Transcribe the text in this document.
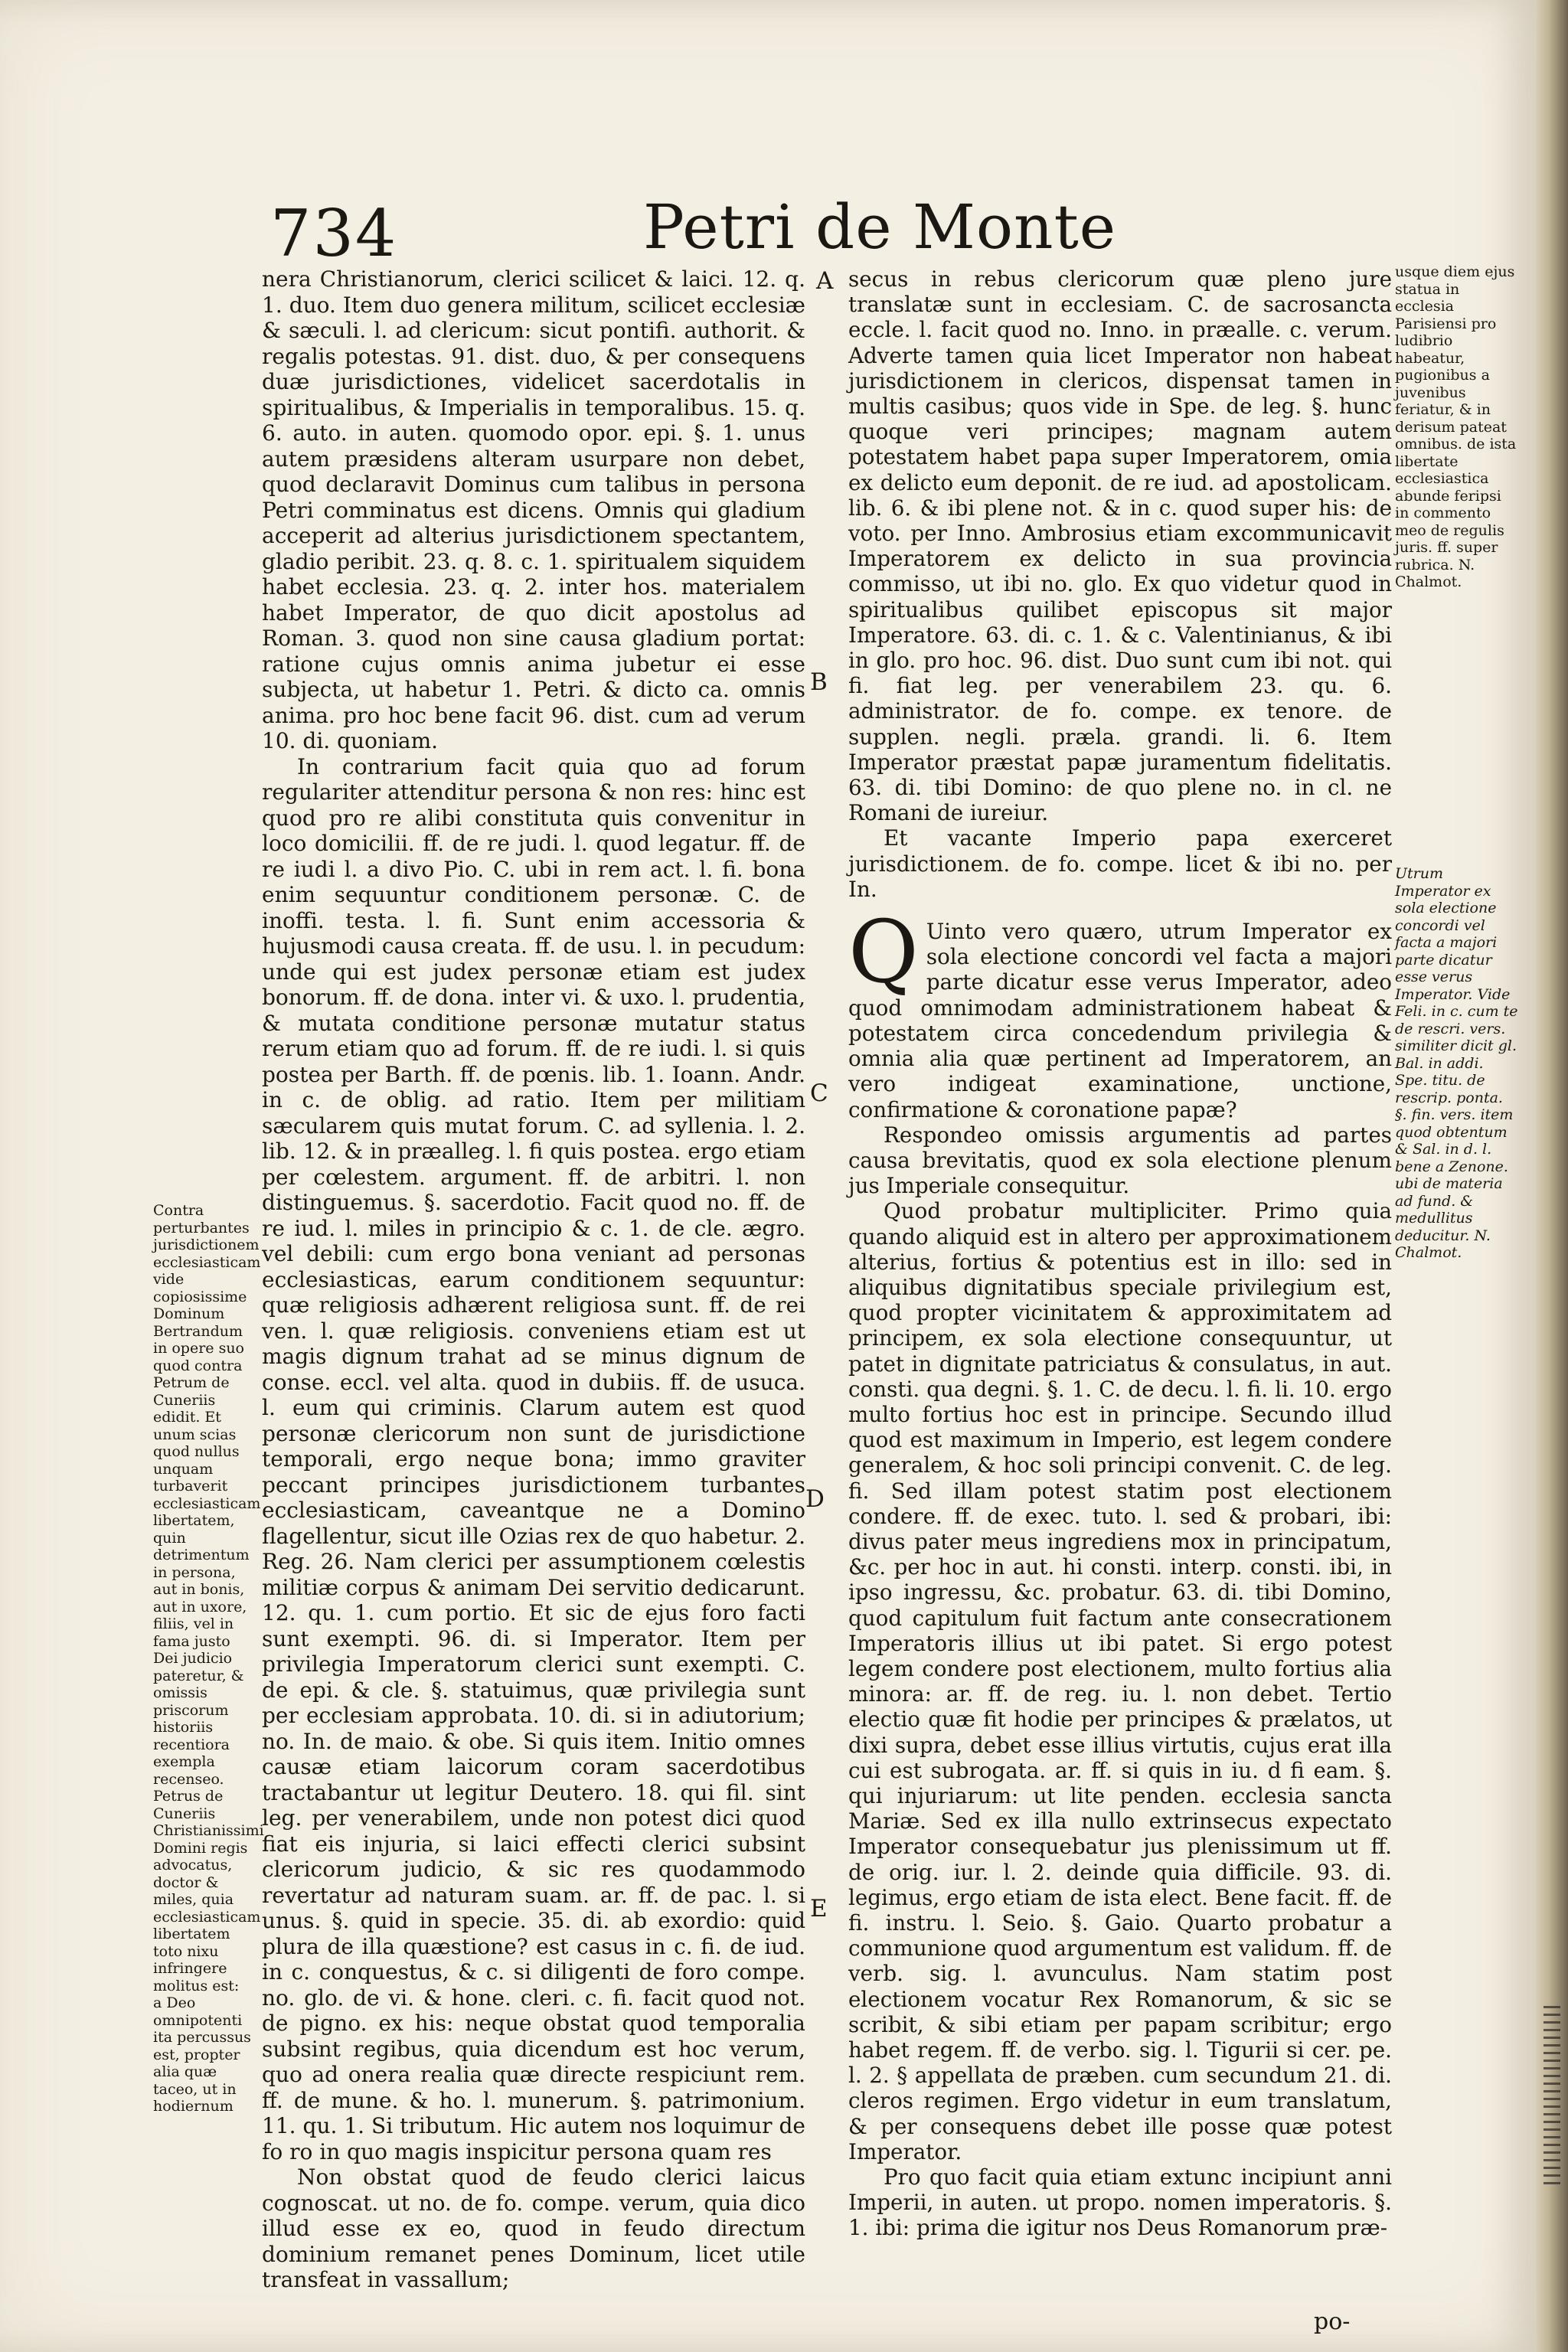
734	Petri de Monte

nera Christianorum, clerici scilicet & laici. 12. q. 1. duo. Item duo genera militum, scilicet ecclesiæ & sæculi. l. ad clericum: sicut pontifi. authorit. & regalis potestas. 91. dist. duo, & per consequens duæ jurisdictiones, videlicet sacerdotalis in spiritualibus, & Imperialis in temporalibus. 15. q. 6. auto. in auten. quomodo opor. epi. §. 1. unus autem præsidens alteram usurpare non debet, quod declaravit Dominus cum talibus in persona Petri comminatus est dicens. Omnis qui gladium acceperit ad alterius jurisdictionem spectantem, gladio peribit. 23. q. 8. c. 1. spiritualem siquidem habet ecclesia. 23. q. 2. inter hos. materialem habet Imperator, de quo dicit apostolus ad Roman. 3. quod non sine causa gladium portat: ratione cujus omnis anima jubetur ei esse subjecta, ut habetur 1. Petri. & dicto ca. omnis anima. pro hoc bene facit 96. dist. cum ad verum 10. di. quoniam.

In contrarium facit quia quo ad forum regulariter attenditur persona & non res: hinc est quod pro re alibi constituta quis convenitur in loco domicilii. ff. de re judi. l. quod legatur. ff. de re iudi l. a divo Pio. C. ubi in rem act. l. fi. bona enim sequuntur conditionem personæ. C. de inoffi. testa. l. fi. Sunt enim accessoria & hujusmodi causa creata. ff. de usu. l. in pecudum: unde qui est judex personæ etiam est judex bonorum. ff. de dona. inter vi. & uxo. l. prudentia, & mutata conditione personæ mutatur status rerum etiam quo ad forum. ff. de re iudi. l. si quis postea per Barth. ff. de pœnis. lib. 1. Ioann. Andr. in c. de oblig. ad ratio. Item per militiam sæcularem quis mutat forum. C. ad syllenia. l. 2. lib. 12. & in præalleg. l. fi quis postea. ergo etiam per cœlestem. argument. ff. de arbitri. l. non distinguemus. §. sacerdotio. Facit quod no. ff. de re iud. l. miles in principio & c. 1. de cle. ægro. vel debili: cum ergo bona veniant ad personas ecclesiasticas, earum conditionem sequuntur: quæ religiosis adhærent religiosa sunt. ff. de rei ven. l. quæ religiosis. conveniens etiam est ut magis dignum trahat ad se minus dignum de conse. eccl. vel alta. quod in dubiis. ff. de usuca. l. eum qui criminis. Clarum autem est quod personæ clericorum non sunt de jurisdictione temporali, ergo neque bona; immo graviter peccant principes jurisdictionem turbantes ecclesiasticam, caveantque ne a Domino flagellentur, sicut ille Ozias rex de quo habetur. 2. Reg. 26. Nam clerici per assumptionem cœlestis militiæ corpus & animam Dei servitio dedicarunt. 12. qu. 1. cum portio. Et sic de ejus foro facti sunt exempti. 96. di. si Imperator. Item per privilegia Imperatorum clerici sunt exempti. C. de epi. & cle. §. statuimus, quæ privilegia sunt per ecclesiam approbata. 10. di. si in adiutorium; no. In. de maio. & obe. Si quis item. Initio omnes causæ etiam laicorum coram sacerdotibus tractabantur ut legitur Deutero. 18. qui fil. sint leg. per venerabilem, unde non potest dici quod fiat eis injuria, si laici effecti clerici subsint clericorum judicio, & sic res quodammodo revertatur ad naturam suam. ar. ff. de pac. l. si unus. §. quid in specie. 35. di. ab exordio: quid plura de illa quæstione? est casus in c. fi. de iud. in c. conquestus, & c. si diligenti de foro compe. no. glo. de vi. & hone. cleri. c. fi. facit quod not. de pigno. ex his: neque obstat quod temporalia subsint regibus, quia dicendum est hoc verum, quo ad onera realia quæ directe respiciunt rem. ff. de mune. & ho. l. munerum. §. patrimonium. 11. qu. 1. Si tributum. Hic autem nos loquimur de fo ro in quo magis inspicitur persona quam res

Non obstat quod de feudo clerici laicus cognoscat. ut no. de fo. compe. verum, quia dico illud esse ex eo, quod in feudo directum dominium remanet penes Dominum, licet utile transfeat in vassallum;

secus in rebus clericorum quæ pleno jure translatæ sunt in ecclesiam. C. de sacrosancta eccle. l. facit quod no. Inno. in præalle. c. verum. Adverte tamen quia licet Imperator non habeat jurisdictionem in clericos, dispensat tamen in multis casibus; quos vide in Spe. de leg. §. hunc quoque veri principes; magnam autem potestatem habet papa super Imperatorem, omia ex delicto eum deponit. de re iud. ad apostolicam. lib. 6. & ibi plene not. & in c. quod super his: de voto. per Inno. Ambrosius etiam excommunicavit Imperatorem ex delicto in sua provincia commisso, ut ibi no. glo. Ex quo videtur quod in spiritualibus quilibet episcopus sit major Imperatore. 63. di. c. 1. & c. Valentinianus, & ibi in glo. pro hoc. 96. dist. Duo sunt cum ibi not. qui fi. fiat leg. per venerabilem 23. qu. 6. administrator. de fo. compe. ex tenore. de supplen. negli. præla. grandi. li. 6. Item Imperator præstat papæ juramentum fidelitatis. 63. di. tibi Domino: de quo plene no. in cl. ne Romani de iureiur.

Et vacante Imperio papa exerceret jurisdictionem. de fo. compe. licet & ibi no. per In.

Q Uinto vero quæro, utrum Imperator ex sola electione concordi vel facta a majori parte dicatur esse verus Imperator, adeo quod omnimodam administrationem habeat & potestatem circa concedendum privilegia & omnia alia quæ pertinent ad Imperatorem, an vero indigeat examinatione, unctione, confirmatione & coronatione papæ?

Respondeo omissis argumentis ad partes causa brevitatis, quod ex sola electione plenum jus Imperiale consequitur.

Quod probatur multipliciter. Primo quia quando aliquid est in altero per approximationem alterius, fortius & potentius est in illo: sed in aliquibus dignitatibus speciale privilegium est, quod propter vicinitatem & approximitatem ad principem, ex sola electione consequuntur, ut patet in dignitate patriciatus & consulatus, in aut. consti. qua degni. §. 1. C. de decu. l. fi. li. 10. ergo multo fortius hoc est in principe. Secundo illud quod est maximum in Imperio, est legem condere generalem, & hoc soli principi convenit. C. de leg. fi. Sed illam potest statim post electionem condere. ff. de exec. tuto. l. sed & probari, ibi: divus pater meus ingrediens mox in principatum, &c. per hoc in aut. hi consti. interp. consti. ibi, in ipso ingressu, &c. probatur. 63. di. tibi Domino, quod capitulum fuit factum ante consecrationem Imperatoris illius ut ibi patet. Si ergo potest legem condere post electionem, multo fortius alia minora: ar. ff. de reg. iu. l. non debet. Tertio electio quæ fit hodie per principes & prælatos, ut dixi supra, debet esse illius virtutis, cujus erat illa cui est subrogata. ar. ff. si quis in iu. d fi eam. §. qui injuriarum: ut lite penden. ecclesia sancta Mariæ. Sed ex illa nullo extrinsecus expectato Imperator consequebatur jus plenissimum ut ff. de orig. iur. l. 2. deinde quia difficile. 93. di. legimus, ergo etiam de ista elect. Bene facit. ff. de fi. instru. l. Seio. §. Gaio. Quarto probatur a communione quod argumentum est validum. ff. de verb. sig. l. avunculus. Nam statim post electionem vocatur Rex Romanorum, & sic se scribit, & sibi etiam per papam scribitur; ergo habet regem. ff. de verbo. sig. l. Tigurii si cer. pe. l. 2. § appellata de præben. cum secundum 21. di. cleros regimen. Ergo videtur in eum translatum, & per consequens debet ille posse quæ potest Imperator.

Pro quo facit quia etiam extunc incipiunt anni Imperii, in auten. ut propo. nomen imperatoris. §. 1. ibi: prima die igitur nos Deus Romanorum præ-

A
B
C
D
E
Contra perturbantes jurisdictionem ecclesiasticam vide copiosissime Dominum Bertrandum in opere suo quod contra Petrum de Cuneriis edidit. Et unum scias quod nullus unquam turbaverit ecclesiasticam libertatem, quin detrimentum in persona, aut in bonis, aut in uxore, filiis, vel in fama justo Dei judicio pateretur, & omissis priscorum historiis recentiora exempla recenseo. Petrus de Cuneriis Christianissimi Domini regis advocatus, doctor & miles, quia ecclesiasticam libertatem toto nixu infringere molitus est: a Deo omnipotenti ita percussus est, propter alia quæ taceo, ut in hodiernum
usque diem ejus statua in ecclesia Parisiensi pro ludibrio habeatur, pugionibus a juvenibus feriatur, & in derisum pateat omnibus. de ista libertate ecclesiastica abunde feripsi in commento meo de regulis juris. ff. super rubrica. N. Chalmot.
Utrum Imperator ex sola electione concordi vel facta a majori parte dicatur esse verus Imperator. Vide Feli. in c. cum te de rescri. vers. similiter dicit gl. Bal. in addi. Spe. titu. de rescrip. ponta. §. fin. vers. item quod obtentum & Sal. in d. l. bene a Zenone. ubi de materia ad fund. & medullitus deducitur. N. Chalmot.
po-
